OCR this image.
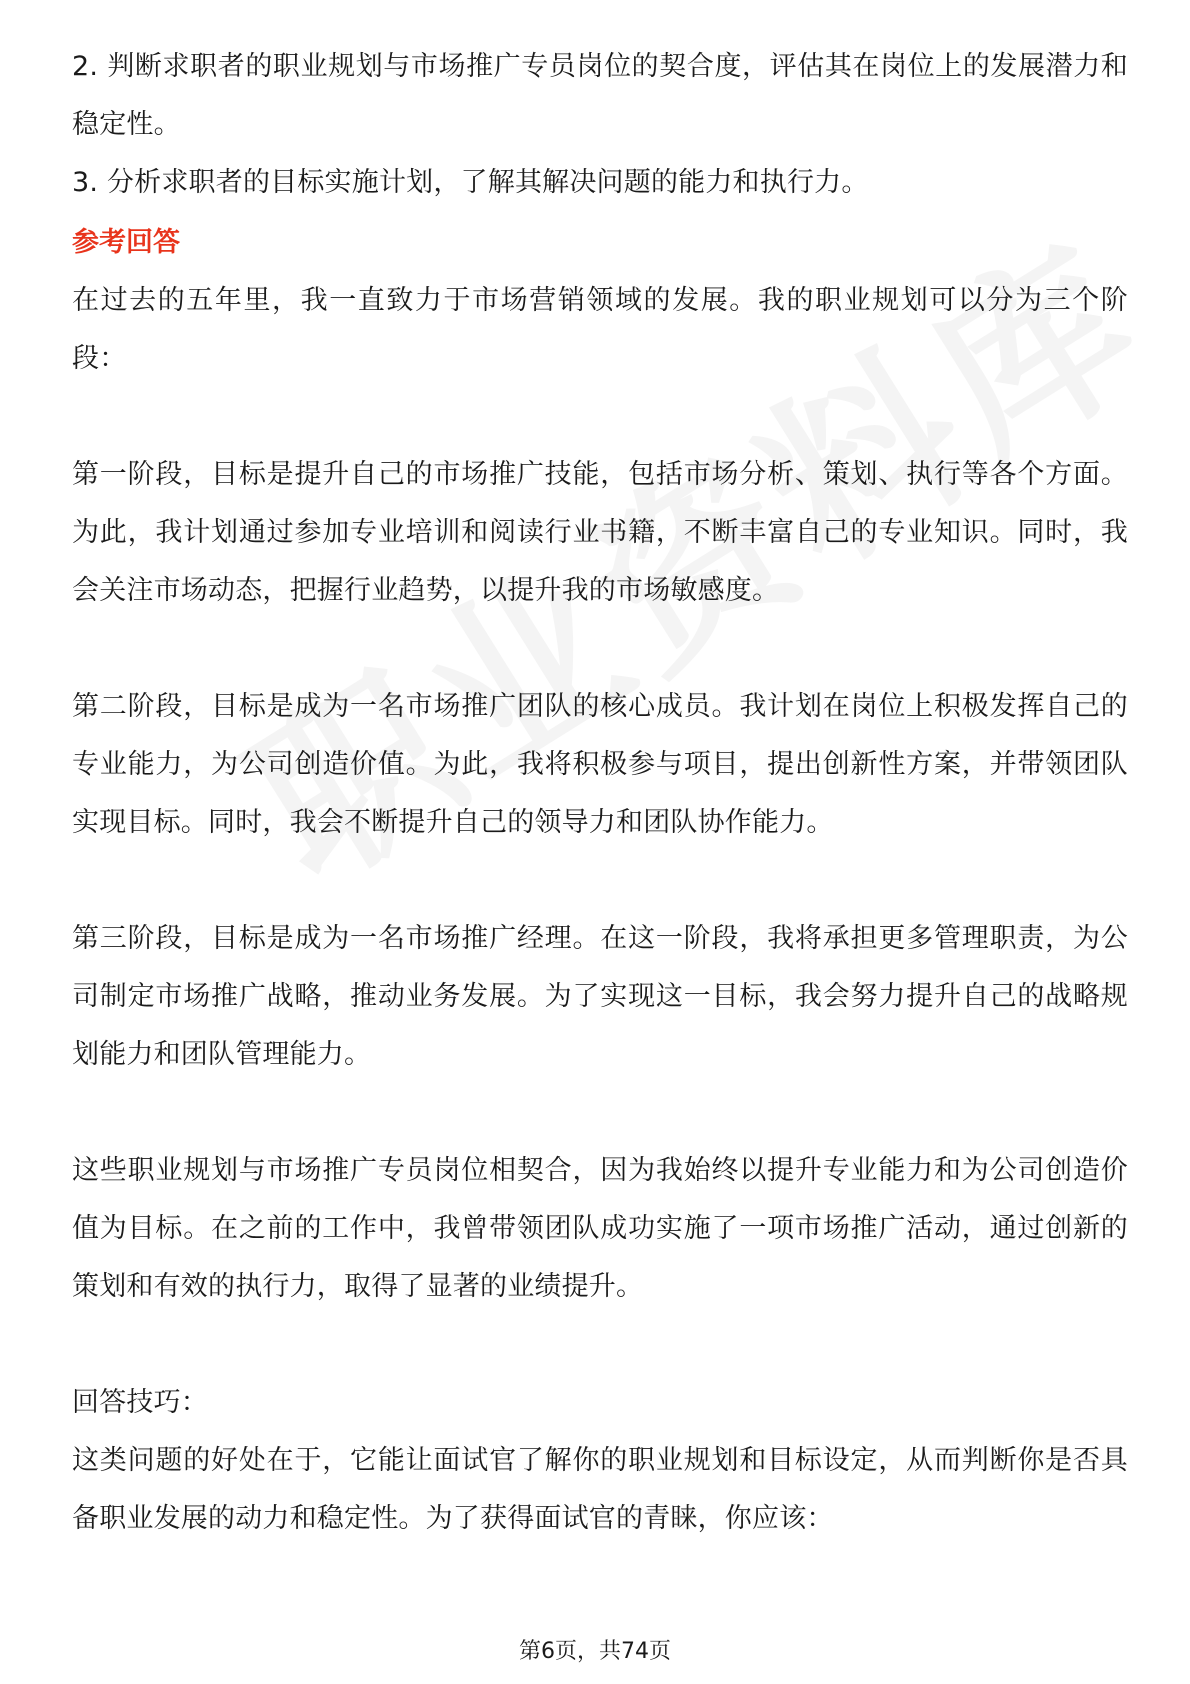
2. 判断求职者的职业规划与市场推广专员岗位的契合度，评估其在岗位上的发展潜力和稳定性。

3. 分析求职者的目标实施计划，了解其解决问题的能力和执行力。

参考回答

在过去的五年里，我一直致力于市场营销领域的发展。我的职业规划可以分为三个阶段：

第一阶段，目标是提升自己的市场推广技能，包括市场分析、策划、执行等各个方面。为此，我计划通过参加专业培训和阅读行业书籍，不断丰富自己的专业知识。同时，我会关注市场动态，把握行业趋势，以提升我的市场敏感度。

第二阶段，目标是成为一名市场推广团队的核心成员。我计划在岗位上积极发挥自己的专业能力，为公司创造价值。为此，我将积极参与项目，提出创新性方案，并带领团队实现目标。同时，我会不断提升自己的领导力和团队协作能力。

第三阶段，目标是成为一名市场推广经理。在这一阶段，我将承担更多管理职责，为公司制定市场推广战略，推动业务发展。为了实现这一目标，我会努力提升自己的战略规划能力和团队管理能力。

这些职业规划与市场推广专员岗位相契合，因为我始终以提升专业能力和为公司创造价值为目标。在之前的工作中，我曾带领团队成功实施了一项市场推广活动，通过创新的策划和有效的执行力，取得了显著的业绩提升。

回答技巧：

这类问题的好处在于，它能让面试官了解你的职业规划和目标设定，从而判断你是否具备职业发展的动力和稳定性。为了获得面试官的青睐，你应该：

第6页，共74页
